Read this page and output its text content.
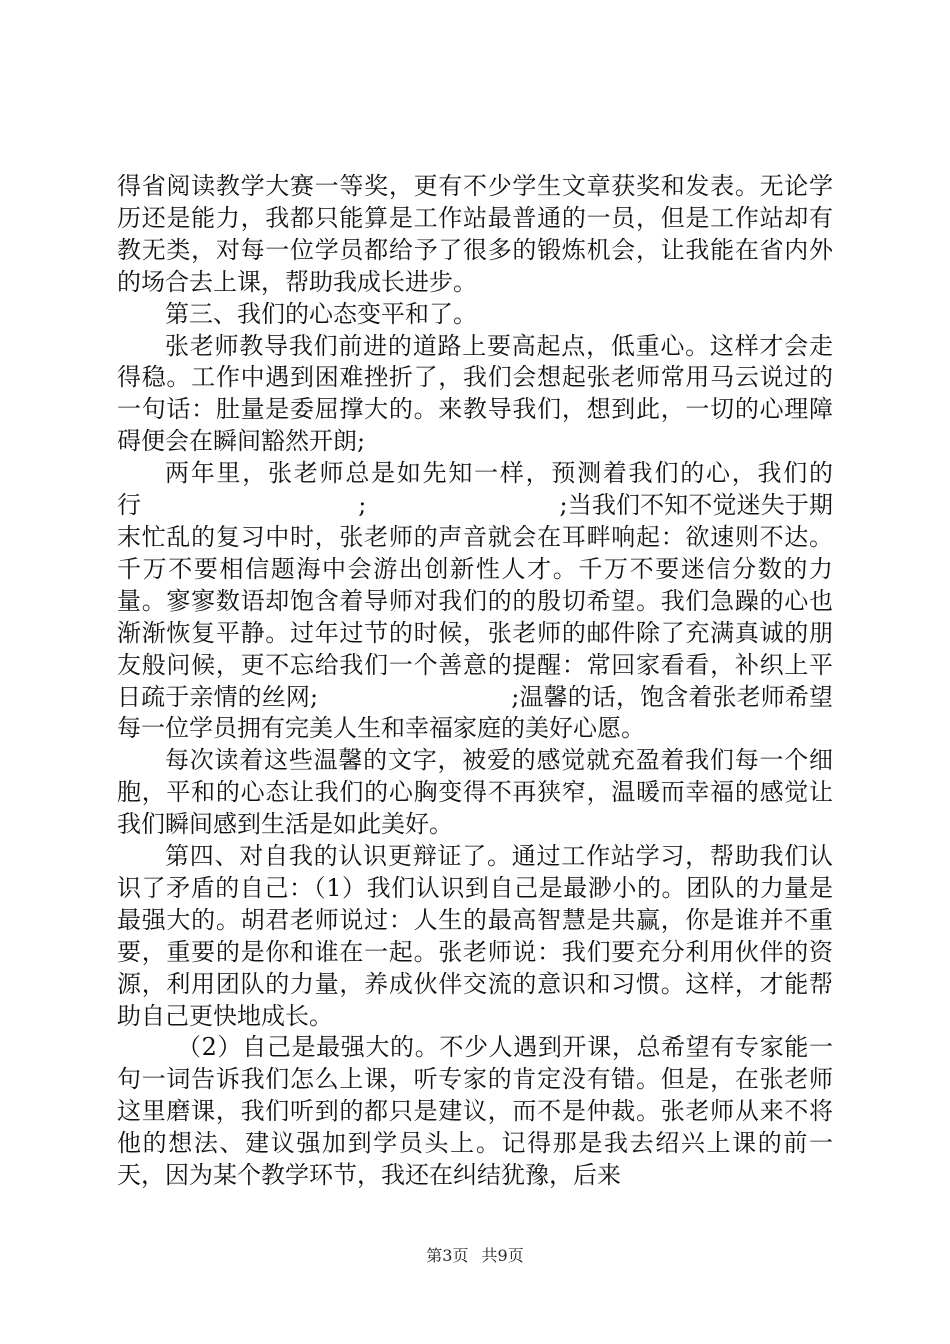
得省阅读教学大赛一等奖，更有不少学生文章获奖和发表。无论学历还是能力，我都只能算是工作站最普通的一员，但是工作站却有教无类，对每一位学员都给予了很多的锻炼机会，让我能在省内外的场合去上课，帮助我成长进步。

第三、我们的心态变平和了。

张老师教导我们前进的道路上要高起点，低重心。这样才会走得稳。工作中遇到困难挫折了，我们会想起张老师常用马云说过的一句话：肚量是委屈撑大的。来教导我们，想到此，一切的心理障碍便会在瞬间豁然开朗;

两年里，张老师总是如先知一样，预测着我们的心，我们的行　　　　　　　　　;　　　　　　　　;当我们不知不觉迷失于期末忙乱的复习中时，张老师的声音就会在耳畔响起：欲速则不达。千万不要相信题海中会游出创新性人才。千万不要迷信分数的力量。寥寥数语却饱含着导师对我们的的殷切希望。我们急躁的心也渐渐恢复平静。过年过节的时候，张老师的邮件除了充满真诚的朋友般问候，更不忘给我们一个善意的提醒：常回家看看，补织上平日疏于亲情的丝网;　　　　　　　　;温馨的话，饱含着张老师希望每一位学员拥有完美人生和幸福家庭的美好心愿。

每次读着这些温馨的文字，被爱的感觉就充盈着我们每一个细胞，平和的心态让我们的心胸变得不再狭窄，温暖而幸福的感觉让我们瞬间感到生活是如此美好。

第四、对自我的认识更辩证了。通过工作站学习，帮助我们认识了矛盾的自己：（1）我们认识到自己是最渺小的。团队的力量是最强大的。胡君老师说过：人生的最高智慧是共赢，你是谁并不重要，重要的是你和谁在一起。张老师说：我们要充分利用伙伴的资源，利用团队的力量，养成伙伴交流的意识和习惯。这样，才能帮助自己更快地成长。

（2）自己是最强大的。不少人遇到开课，总希望有专家能一句一词告诉我们怎么上课，听专家的肯定没有错。但是，在张老师这里磨课，我们听到的都只是建议，而不是仲裁。张老师从来不将他的想法、建议强加到学员头上。记得那是我去绍兴上课的前一天，因为某个教学环节，我还在纠结犹豫，后来

第3页 共9页
